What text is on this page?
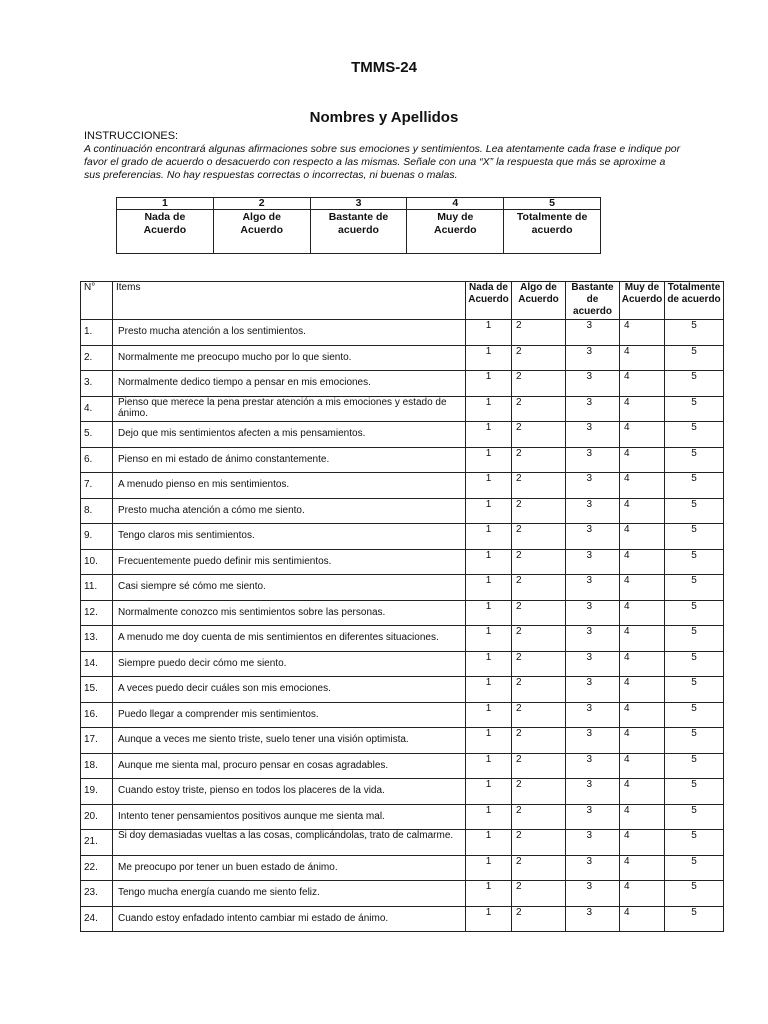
TMMS-24
Nombres y Apellidos
INSTRUCCIONES:
A continuación encontrará algunas afirmaciones sobre sus emociones y sentimientos. Lea atentamente cada frase e indique por favor el grado de acuerdo o desacuerdo con respecto a las mismas. Señale con una “X” la respuesta que más se aproxime a sus preferencias. No hay respuestas correctas o incorrectas, ni buenas o malas.
1	2	3	4	5

Nada de Acuerdo	Algo de Acuerdo	Bastante de acuerdo	Muy de Acuerdo	Totalmente de acuerdo
N°	Items	Nada de Acuerdo	Algo de Acuerdo	Bastante de acuerdo	Muy de Acuerdo	Totalmente de acuerdo
1.	Presto mucha atención a los sentimientos.	1	2	3	4	5
2.	Normalmente me preocupo mucho por lo que siento.	1	2	3	4	5
3.	Normalmente dedico tiempo a pensar en mis emociones.	1	2	3	4	5
4.	Pienso que merece la pena prestar atención a mis emociones y estado de ánimo.	1	2	3	4	5
5.	Dejo que mis sentimientos afecten a mis pensamientos.	1	2	3	4	5
6.	Pienso en mi estado de ánimo constantemente.	1	2	3	4	5
7.	A menudo pienso en mis sentimientos.	1	2	3	4	5
8.	Presto mucha atención a cómo me siento.	1	2	3	4	5
9.	Tengo claros mis sentimientos.	1	2	3	4	5
10.	Frecuentemente puedo definir mis sentimientos.	1	2	3	4	5
11.	Casi siempre sé cómo me siento.	1	2	3	4	5
12.	Normalmente conozco mis sentimientos sobre las personas.	1	2	3	4	5
13.	A menudo me doy cuenta de mis sentimientos en diferentes situaciones.	1	2	3	4	5
14.	Siempre puedo decir cómo me siento.	1	2	3	4	5
15.	A veces puedo decir cuáles son mis emociones.	1	2	3	4	5
16.	Puedo llegar a comprender mis sentimientos.	1	2	3	4	5
17.	Aunque a veces me siento triste, suelo tener una visión optimista.	1	2	3	4	5
18.	Aunque me sienta mal, procuro pensar en cosas agradables.	1	2	3	4	5
19.	Cuando estoy triste, pienso en todos los placeres de la vida.	1	2	3	4	5
20.	Intento tener pensamientos positivos aunque me sienta mal.	1	2	3	4	5
21.	Si doy demasiadas vueltas a las cosas, complicándolas, trato de calmarme.	1	2	3	4	5
22.	Me preocupo por tener un buen estado de ánimo.	1	2	3	4	5
23.	Tengo mucha energía cuando me siento feliz.	1	2	3	4	5
24.	Cuando estoy enfadado intento cambiar mi estado de ánimo.	1	2	3	4	5
